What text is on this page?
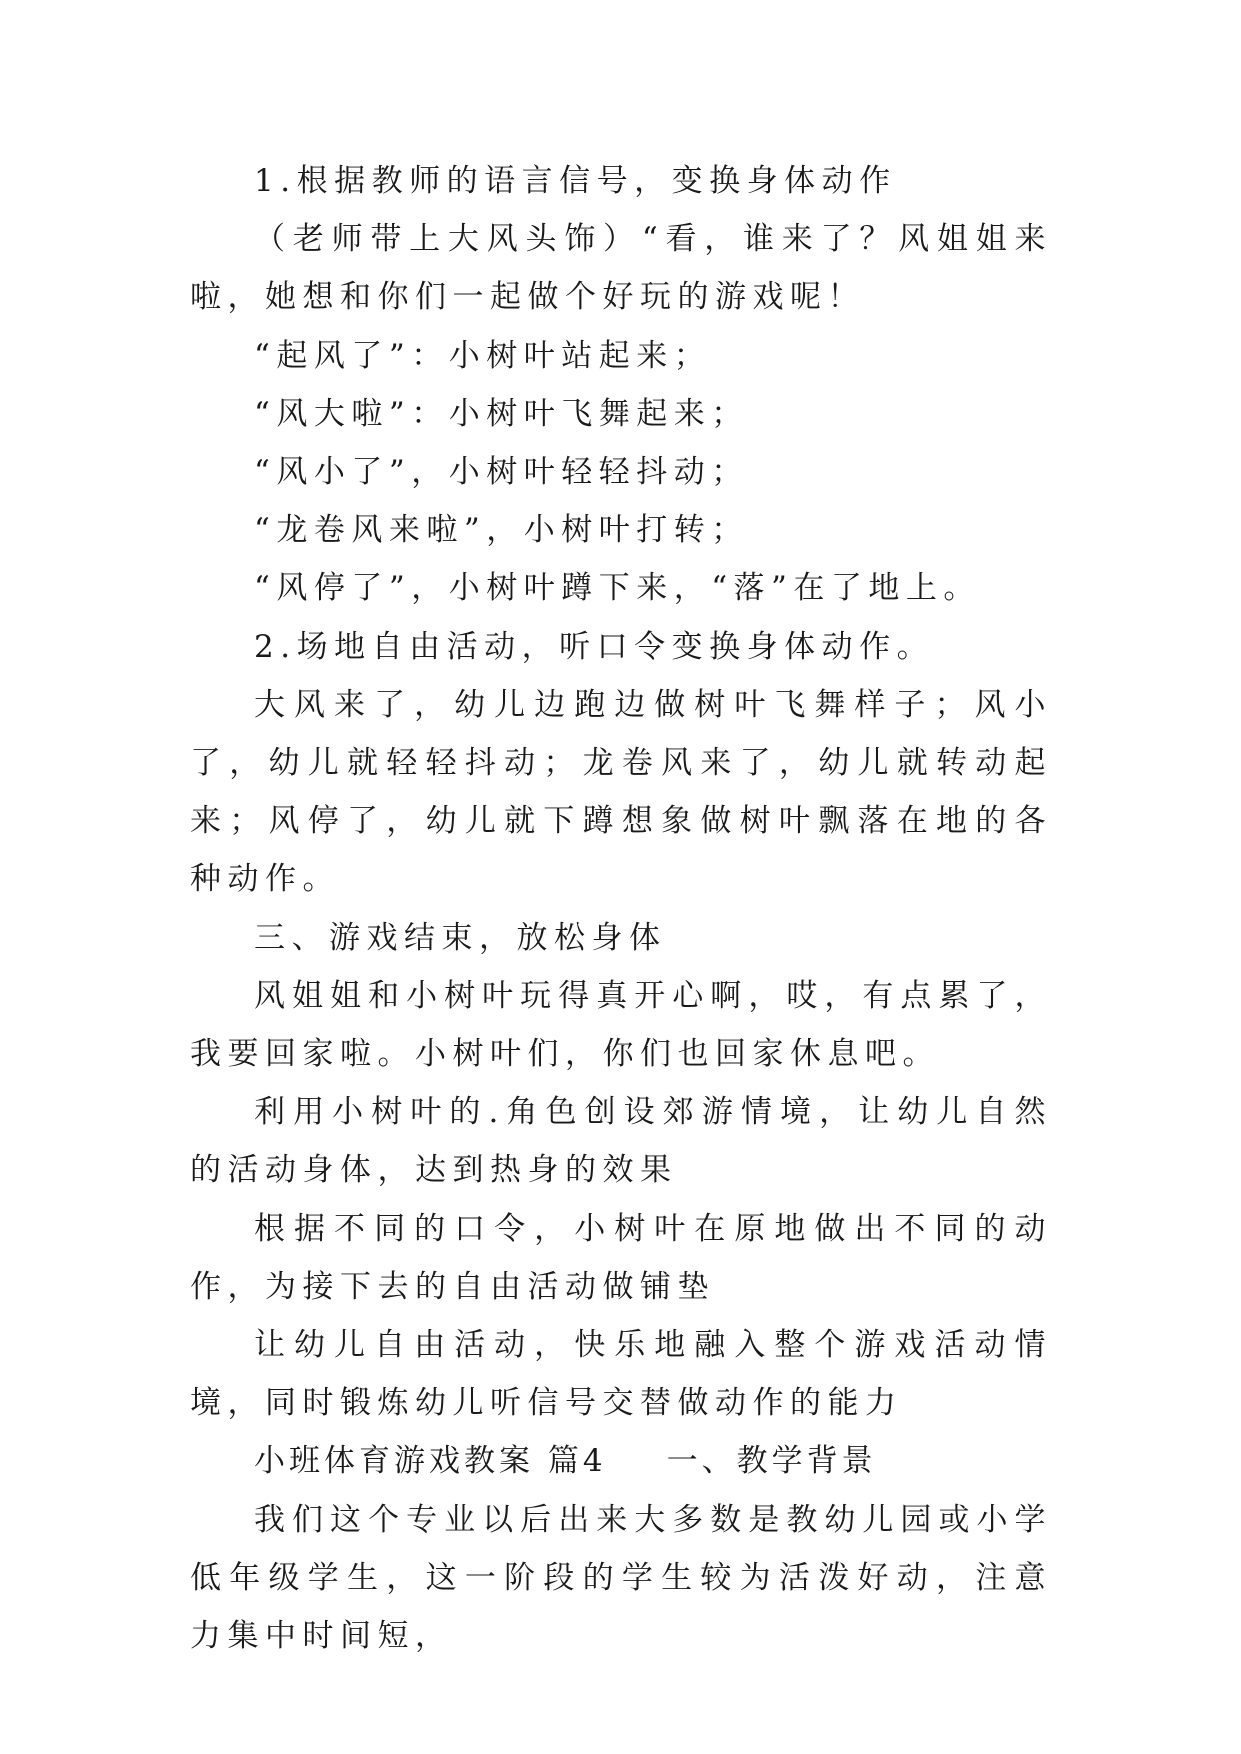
1.根据教师的语言信号，变换身体动作

（老师带上大风头饰）“看，谁来了？风姐姐来啦，她想和你们一起做个好玩的游戏呢！

“起风了”：小树叶站起来；

“风大啦”：小树叶飞舞起来；

“风小了”，小树叶轻轻抖动；

“龙卷风来啦”，小树叶打转；

“风停了”，小树叶蹲下来，“落”在了地上。

2.场地自由活动，听口令变换身体动作。

大风来了，幼儿边跑边做树叶飞舞样子；风小了，幼儿就轻轻抖动；龙卷风来了，幼儿就转动起来；风停了，幼儿就下蹲想象做树叶飘落在地的各种动作。

三、游戏结束，放松身体

风姐姐和小树叶玩得真开心啊，哎，有点累了，我要回家啦。小树叶们，你们也回家休息吧。

利用小树叶的.角色创设郊游情境，让幼儿自然的活动身体，达到热身的效果

根据不同的口令，小树叶在原地做出不同的动作，为接下去的自由活动做铺垫

让幼儿自由活动，快乐地融入整个游戏活动情境，同时锻炼幼儿听信号交替做动作的能力

小班体育游戏教案 篇4 一、教学背景

我们这个专业以后出来大多数是教幼儿园或小学低年级学生，这一阶段的学生较为活泼好动，注意力集中时间短，
